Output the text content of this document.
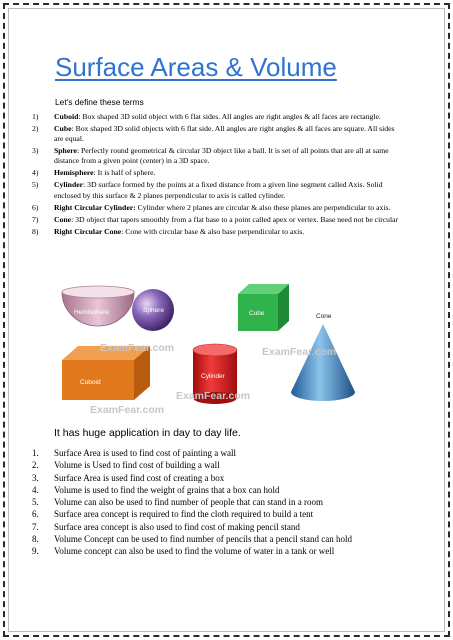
Surface Areas & Volume

Let's define these terms

1) Cuboid: Box shaped 3D solid object with 6 flat sides. All angles are right angles & all faces are rectangle.
2) Cube: Box shaped 3D solid objects with 6 flat side. All angles are right angles & all faces are square. All sides are equal.
3) Sphere: Perfectly round geometrical & circular 3D object like a ball. It is set of all points that are all at same distance from a given point (center) in a 3D space.
4) Hemisphere: It is half of sphere.
5) Cylinder: 3D surface formed by the points at a fixed distance from a given line segment called Axis. Solid enclosed by this surface & 2 planes perpendicular to axis is called cylinder.
6) Right Circular Cylinder: Cylinder where 2 planes are circular & also these planes are perpendicular to axis.
7) Cone: 3D object that tapers smoothly from a flat base to a point called apex or vertex. Base need not be circular
8) Right Circular Cone: Cone with circular base & also base perpendicular to axis.
Hemisphere	Sphere	Cube	Cone
Cuboid
Cylinder
ExamFear.com	ExamFear.com
ExamFear.com
ExamFear.com

It has huge application in day to day life.

1. Surface Area is used to find cost of painting a wall
2. Volume is Used to find cost of building a wall
3. Surface Area is used find cost of creating a box
4. Volume is used to find the weight of grains that a box can hold
5. Volume can also be used to find number of people that can stand in a room
6. Surface area concept is required to find the cloth required to build a tent
7. Surface area concept is also used to find cost of making pencil stand
8. Volume Concept can be used to find number of pencils that a pencil stand can hold
9. Volume concept can also be used to find the volume of water in a tank or well
